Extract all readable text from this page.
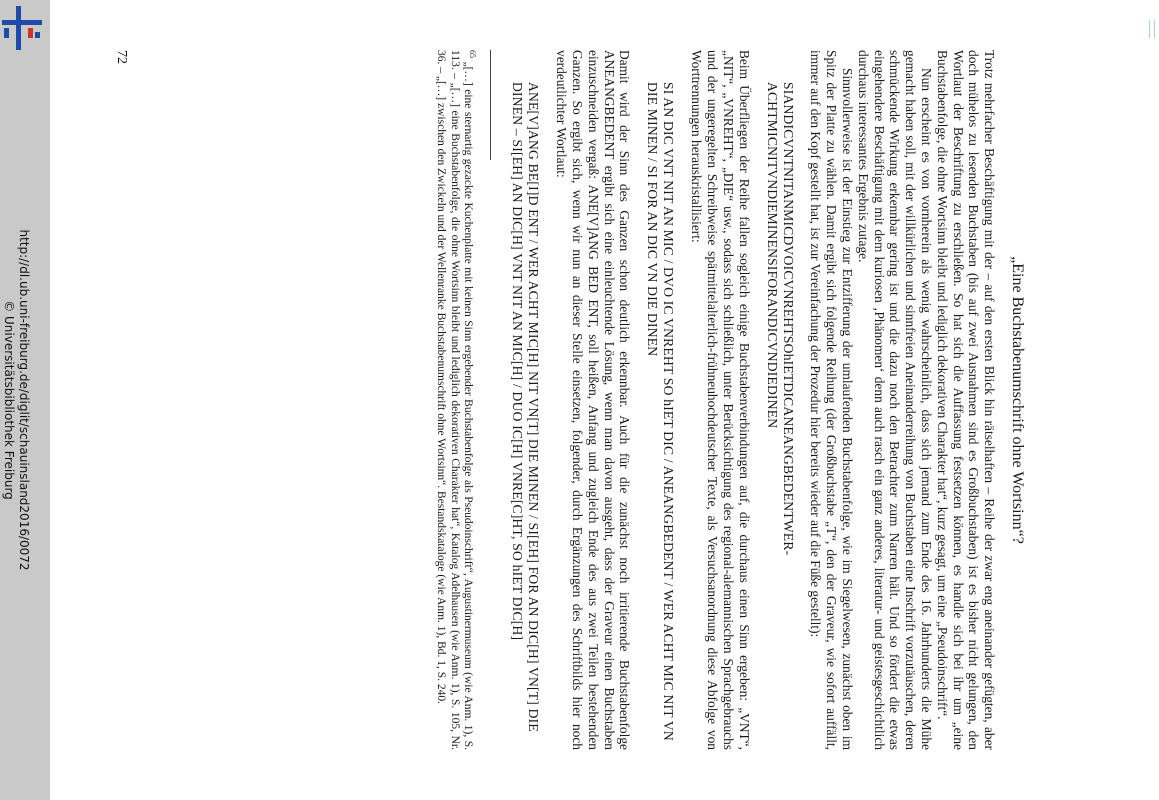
http://dl.ub.uni-freiburg.de/diglit/schauinsland2016/0072
© Universitätsbibliothek Freiburg	„Eine Buchstabenumschrift ohne Wortsinn“?

Trotz mehrfacher Beschäftigung mit der – auf den ersten Blick hin rätselhaften – Reihe der zwar eng aneinander gefügten, aber doch mühelos zu lesenden Buchstaben (bis auf zwei Ausnahmen sind es Großbuchstaben) ist es bisher nicht gelungen, den Wortlaut der Beschriftung zu erschließen. So hat sich die Auffassung festsetzen können, es handle sich bei ihr um „eine Buchstabenfolge, die ohne Wortsinn bleibt und lediglich dekorativen Charakter hat“, kurz gesagt, um eine „Pseudoinschrift“.

Nun erscheint es von vornherein als wenig wahrscheinlich, dass sich jemand zum Ende des 16. Jahrhunderts die Mühe gemacht haben soll, mit der willkürlichen und sinnfreien Aneinanderreihung von Buchstaben eine Inschrift vorzutäuschen, deren schmückende Wirkung erkennbar gering ist und die dazu noch den Betrachter zum Narren hält. Und so fördert die etwas eingehendere Beschäftigung mit dem kuriosen ‚Phänomen‘ denn auch rasch ein ganz anderes, literatur- und geistesgeschichtlich durchaus interessantes Ergebnis zutage.

Sinnvollerweise ist der Einstieg zur Entzifferung der umlaufenden Buchstabenfolge, wie im Siegelwesen, zunächst oben im Spitz der Platte zu wählen. Damit ergibt sich folgende Reihung (der Großbuchstabe „T“, den der Graveur, wie sofort auffällt, immer auf den Kopf gestellt hat, ist zur Vereinfachung der Prozedur hier bereits wieder auf die Füße gestellt):

SIANDICVNTNITANMICDVOICVNREHTSOhIETDICANEANGBEDENTWER-ACHTMICNITVNDIEMINENSIFORANDICVNDIEDINEN

Beim Überfliegen der Reihe fallen sogleich einige Buchstabenverbindungen auf, die durchaus einen Sinn ergeben: „VNT“, „NIT“, „VNREHT“, „DIE“ usw., sodass sich schließlich, unter Berücksichtigung des regional-alemannischen Sprachgebrauchs und der ungeregelten Schreibweise spätmittelalterlich-frühneuhochdeutscher Texte, als Versuchsanordnung diese Abfolge von Worttrennungen herauskristallisiert:

SI AN DIC VNT NIT AN MIC / DVO IC VNREHT SO hIET DIC / ANEANGBEDENT / WER ACHT MIC NIT VN DIE MINEN / SI FOR AN DIC VN DIE DINEN

Damit wird der Sinn des Ganzen schon deutlich erkennbar. Auch für die zunächst noch irritierende Buchstabenfolge ANEANGBEDENT ergibt sich eine einleuchtende Lösung, wenn man davon ausgeht, dass der Graveur einen Buchstaben einzuschneiden vergaß: ANE[V]ANG BED ENT, soll heißen, Anfang und zugleich Ende des aus zwei Teilen bestehenden Ganzen. So ergibt sich, wenn wir nun an dieser Stelle einsetzen, folgender, durch Ergänzungen des Schriftbilds hier noch verdeutlichter Wortlaut:

ANE[V]ANG BE[I]D ENT / WER ACHT MIC[H] NIT VN[T] DIE MINEN / SI[EH] FOR AN DIC[H] VN[T] DIE DINEN – SI[EH] AN DIC[H] VNT NIT AN MIC[H] / DUO IC[H] VNRE[C]HT, SO hIET DIC[H]

$^{65}$ „[…] eine sternartig gezackte Kuchenplatte mit keinen Sinn ergebender Buchstabenfolge als Pseudoinschrift“, Augustinermuseum (wie Anm. 1), S. 113. – „[…] eine Buchstabenfolge, die ohne Wortsinn bleibt und lediglich dekorativen Charakter hat“, Katalog Adelhausen (wie Anm. 1), S. 105, Nr. 36. – „[…] zwischen den Zwickeln und der Wellenranke Buchstabenumschrift ohne Wortsinn“. Bestandskataloge (wie Anm. 1), Bd. 1, S. 240.

72
